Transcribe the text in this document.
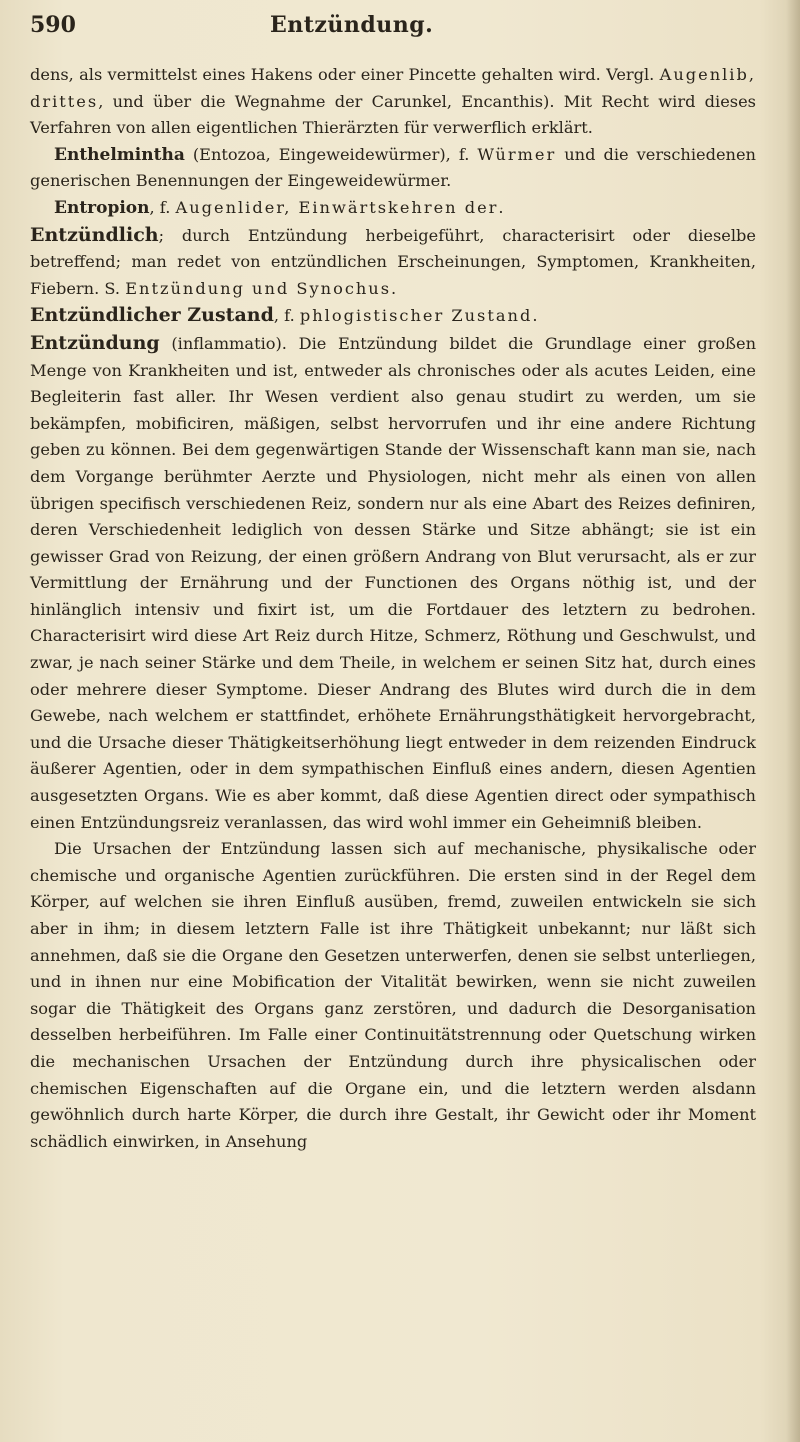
590	Entzündung.

dens, als vermittelst eines Hakens oder einer Pincette gehalten wird. Vergl. Augenlib, drittes, und über die Wegnahme der Carunkel, Encanthis). Mit Recht wird dieses Verfahren von allen eigentlichen Thierärzten für verwerflich erklärt.

Enthelmintha (Entozoa, Eingeweidewürmer), f. Würmer und die verschiedenen generischen Benennungen der Eingeweidewürmer.

Entropion, f. Augenlider, Einwärtskehren der.

Entzündlich; durch Entzündung herbeigeführt, characterisirt oder dieselbe betreffend; man redet von entzündlichen Erscheinungen, Symptomen, Krankheiten, Fiebern. S. Entzündung und Synochus.

Entzündlicher Zustand, f. phlogistischer Zustand.

Entzündung (inflammatio). Die Entzündung bildet die Grundlage einer großen Menge von Krankheiten und ist, entweder als chronisches oder als acutes Leiden, eine Begleiterin fast aller. Ihr Wesen verdient also genau studirt zu werden, um sie bekämpfen, mobificiren, mäßigen, selbst hervorrufen und ihr eine andere Richtung geben zu können. Bei dem gegenwärtigen Stande der Wissenschaft kann man sie, nach dem Vorgange berühmter Aerzte und Physiologen, nicht mehr als einen von allen übrigen specifisch verschiedenen Reiz, sondern nur als eine Abart des Reizes definiren, deren Verschiedenheit lediglich von dessen Stärke und Sitze abhängt; sie ist ein gewisser Grad von Reizung, der einen größern Andrang von Blut verursacht, als er zur Vermittlung der Ernährung und der Functionen des Organs nöthig ist, und der hinlänglich intensiv und fixirt ist, um die Fortdauer des letztern zu bedrohen. Characterisirt wird diese Art Reiz durch Hitze, Schmerz, Röthung und Geschwulst, und zwar, je nach seiner Stärke und dem Theile, in welchem er seinen Sitz hat, durch eines oder mehrere dieser Symptome. Dieser Andrang des Blutes wird durch die in dem Gewebe, nach welchem er stattfindet, erhöhete Ernährungsthätigkeit hervorgebracht, und die Ursache dieser Thätigkeitserhöhung liegt entweder in dem reizenden Eindruck äußerer Agentien, oder in dem sympathischen Einfluß eines andern, diesen Agentien ausgesetzten Organs. Wie es aber kommt, daß diese Agentien direct oder sympathisch einen Entzündungsreiz veranlassen, das wird wohl immer ein Geheimniß bleiben.

Die Ursachen der Entzündung lassen sich auf mechanische, physikalische oder chemische und organische Agentien zurückführen. Die ersten sind in der Regel dem Körper, auf welchen sie ihren Einfluß ausüben, fremd, zuweilen entwickeln sie sich aber in ihm; in diesem letztern Falle ist ihre Thätigkeit unbekannt; nur läßt sich annehmen, daß sie die Organe den Gesetzen unterwerfen, denen sie selbst unterliegen, und in ihnen nur eine Mobification der Vitalität bewirken, wenn sie nicht zuweilen sogar die Thätigkeit des Organs ganz zerstören, und dadurch die Desorganisation desselben herbeiführen. Im Falle einer Continuitätstrennung oder Quetschung wirken die mechanischen Ursachen der Entzündung durch ihre physicalischen oder chemischen Eigenschaften auf die Organe ein, und die letztern werden alsdann gewöhnlich durch harte Körper, die durch ihre Gestalt, ihr Gewicht oder ihr Moment schädlich einwirken, in Ansehung
